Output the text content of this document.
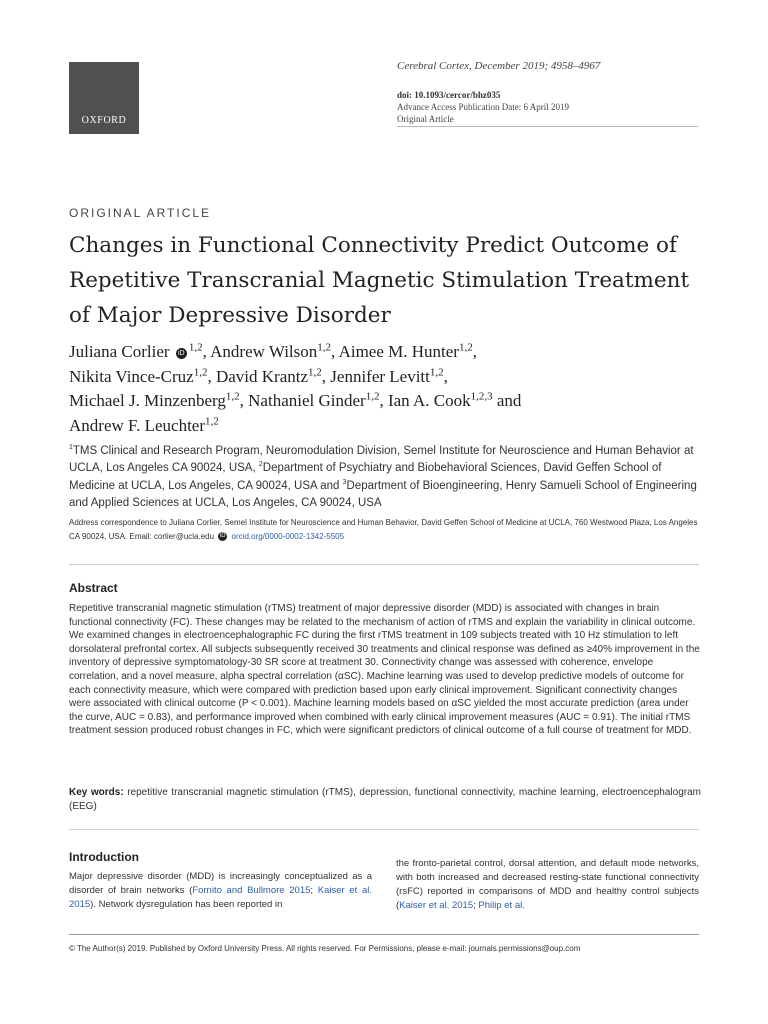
OXFORD
Cerebral Cortex, December 2019; 4958–4967
doi: 10.1093/cercor/bhz035
Advance Access Publication Date: 6 April 2019
Original Article
ORIGINAL ARTICLE
Changes in Functional Connectivity Predict Outcome of Repetitive Transcranial Magnetic Stimulation Treatment of Major Depressive Disorder
Juliana Corlier iD$^{1,2}$, Andrew Wilson$^{1,2}$, Aimee M. Hunter$^{1,2}$,
Nikita Vince-Cruz$^{1,2}$, David Krantz$^{1,2}$, Jennifer Levitt$^{1,2}$,
Michael J. Minzenberg$^{1,2}$, Nathaniel Ginder$^{1,2}$, Ian A. Cook$^{1,2,3}$ and
Andrew F. Leuchter$^{1,2}$
$^1$TMS Clinical and Research Program, Neuromodulation Division, Semel Institute for Neuroscience and Human Behavior at UCLA, Los Angeles CA 90024, USA, $^2$Department of Psychiatry and Biobehavioral Sciences, David Geffen School of Medicine at UCLA, Los Angeles, CA 90024, USA and $^3$Department of Bioengineering, Henry Samueli School of Engineering and Applied Sciences at UCLA, Los Angeles, CA 90024, USA
Address correspondence to Juliana Corlier, Semel Institute for Neuroscience and Human Behavior, David Geffen School of Medicine at UCLA, 760 Westwood Plaza, Los Angeles CA 90024, USA. Email: corlier@ucla.edu iD orcid.org/0000-0002-1342-5505
Abstract
Repetitive transcranial magnetic stimulation (rTMS) treatment of major depressive disorder (MDD) is associated with changes in brain functional connectivity (FC). These changes may be related to the mechanism of action of rTMS and explain the variability in clinical outcome. We examined changes in electroencephalographic FC during the first rTMS treatment in 109 subjects treated with 10 Hz stimulation to left dorsolateral prefrontal cortex. All subjects subsequently received 30 treatments and clinical response was defined as ≥40% improvement in the inventory of depressive symptomatology-30 SR score at treatment 30. Connectivity change was assessed with coherence, envelope correlation, and a novel measure, alpha spectral correlation (αSC). Machine learning was used to develop predictive models of outcome for each connectivity measure, which were compared with prediction based upon early clinical improvement. Significant connectivity changes were associated with clinical outcome (P < 0.001). Machine learning models based on αSC yielded the most accurate prediction (area under the curve, AUC = 0.83), and performance improved when combined with early clinical improvement measures (AUC = 0.91). The initial rTMS treatment session produced robust changes in FC, which were significant predictors of clinical outcome of a full course of treatment for MDD.
Key words: repetitive transcranial magnetic stimulation (rTMS), depression, functional connectivity, machine learning, electroencephalogram (EEG)
Introduction
Major depressive disorder (MDD) is increasingly conceptualized as a disorder of brain networks (Fornito and Bullmore 2015; Kaiser et al. 2015). Network dysregulation has been reported in
the fronto-parietal control, dorsal attention, and default mode networks, with both increased and decreased resting-state functional connectivity (rsFC) reported in comparisons of MDD and healthy control subjects (Kaiser et al. 2015; Philip et al.
© The Author(s) 2019. Published by Oxford University Press. All rights reserved. For Permissions, please e-mail: journals.permissions@oup.com
